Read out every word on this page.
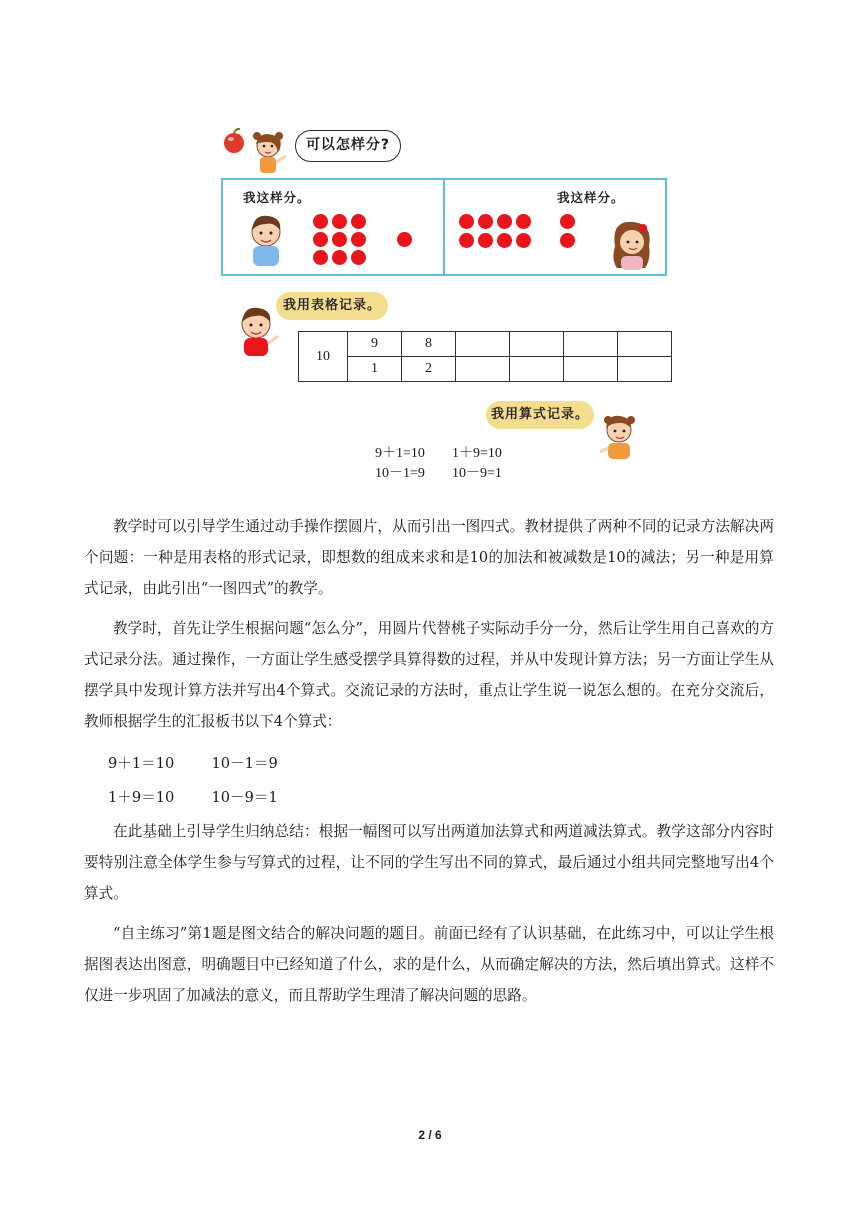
可以怎样分?
我这样分。	我这样分。
我用表格记录。
10	9	8				
	1	2				
我用算式记录。
9＋1=10 1＋9=10
10－1=9 10－9=1
教学时可以引导学生通过动手操作摆圆片，从而引出一图四式。教材提供了两种不同的记录方法解决两个问题：一种是用表格的形式记录，即想数的组成来求和是10的加法和被减数是10的减法；另一种是用算式记录，由此引出“一图四式”的教学。
教学时，首先让学生根据问题“怎么分”，用圆片代替桃子实际动手分一分，然后让学生用自己喜欢的方式记录分法。通过操作，一方面让学生感受摆学具算得数的过程，并从中发现计算方法；另一方面让学生从摆学具中发现计算方法并写出4个算式。交流记录的方法时，重点让学生说一说怎么想的。在充分交流后，教师根据学生的汇报板书以下4个算式：
9＋1＝10        10－1＝9
1＋9＝10        10－9＝1
在此基础上引导学生归纳总结：根据一幅图可以写出两道加法算式和两道减法算式。教学这部分内容时要特别注意全体学生参与写算式的过程，让不同的学生写出不同的算式，最后通过小组共同完整地写出4个算式。
“自主练习”第1题是图文结合的解决问题的题目。前面已经有了认识基础，在此练习中，可以让学生根据图表达出图意，明确题目中已经知道了什么，求的是什么，从而确定解决的方法，然后填出算式。这样不仅进一步巩固了加减法的意义，而且帮助学生理清了解决问题的思路。
2 / 6
